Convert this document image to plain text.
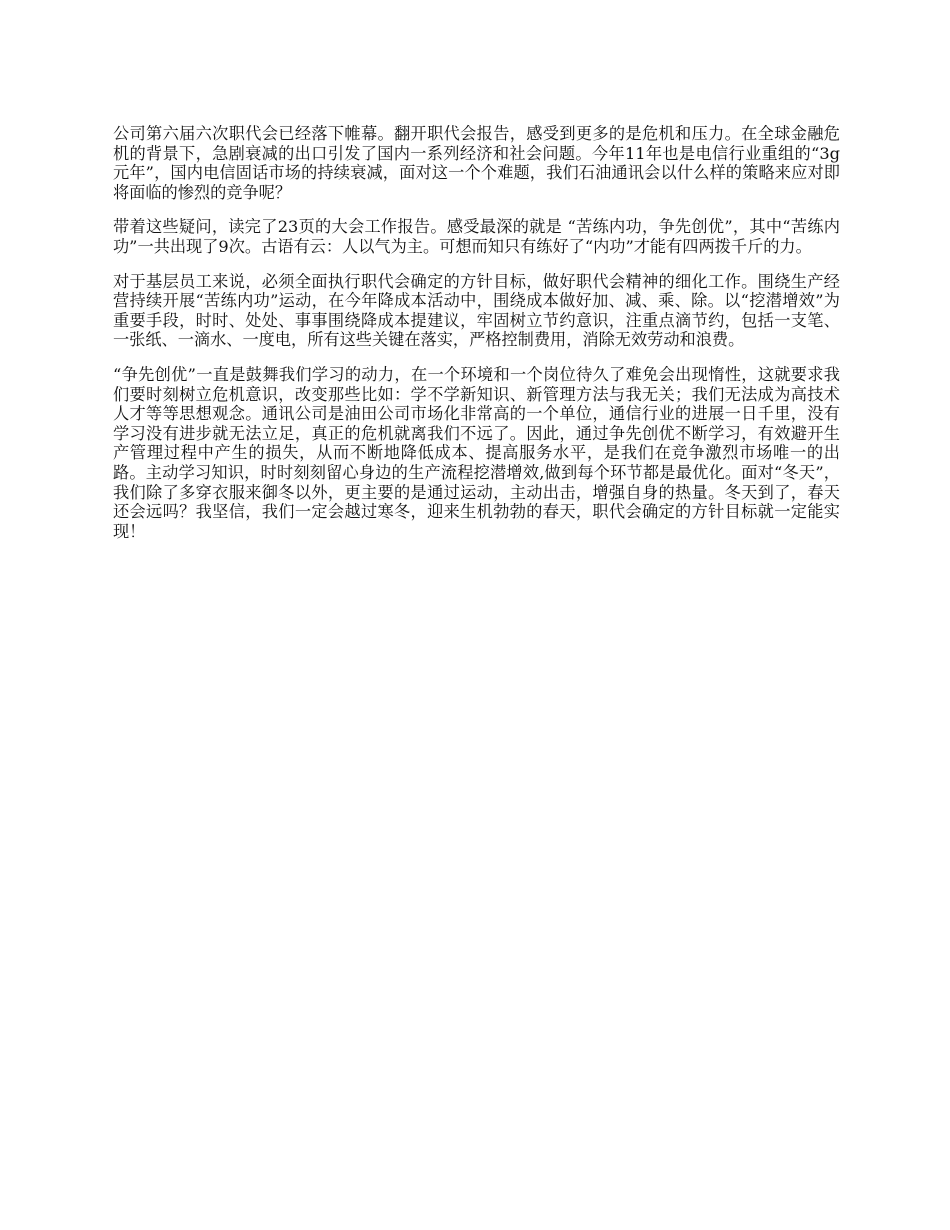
公司第六届六次职代会已经落下帷幕。翻开职代会报告，感受到更多的是危机和压力。在全球金融危机的背景下，急剧衰减的出口引发了国内一系列经济和社会问题。今年11年也是电信行业重组的“3g元年”，国内电信固话市场的持续衰减，面对这一个个难题，我们石油通讯会以什么样的策略来应对即将面临的惨烈的竞争呢？

带着这些疑问，读完了23页的大会工作报告。感受最深的就是 “苦练内功，争先创优”，其中“苦练内功”一共出现了9次。古语有云：人以气为主。可想而知只有练好了“内功”才能有四两拨千斤的力。

对于基层员工来说，必须全面执行职代会确定的方针目标，做好职代会精神的细化工作。围绕生产经营持续开展“苦练内功”运动，在今年降成本活动中，围绕成本做好加、减、乘、除。以“挖潜增效”为重要手段，时时、处处、事事围绕降成本提建议，牢固树立节约意识，注重点滴节约，包括一支笔、一张纸、一滴水、一度电，所有这些关键在落实，严格控制费用，消除无效劳动和浪费。

“争先创优”一直是鼓舞我们学习的动力，在一个环境和一个岗位待久了难免会出现惰性，这就要求我们要时刻树立危机意识，改变那些比如：学不学新知识、新管理方法与我无关；我们无法成为高技术人才等等思想观念。通讯公司是油田公司市场化非常高的一个单位，通信行业的进展一日千里，没有学习没有进步就无法立足，真正的危机就离我们不远了。因此，通过争先创优不断学习，有效避开生产管理过程中产生的损失，从而不断地降低成本、提高服务水平，是我们在竞争激烈市场唯一的出路。主动学习知识，时时刻刻留心身边的生产流程挖潜增效,做到每个环节都是最优化。面对“冬天”，我们除了多穿衣服来御冬以外，更主要的是通过运动，主动出击，增强自身的热量。冬天到了，春天还会远吗？我坚信，我们一定会越过寒冬，迎来生机勃勃的春天，职代会确定的方针目标就一定能实现！
